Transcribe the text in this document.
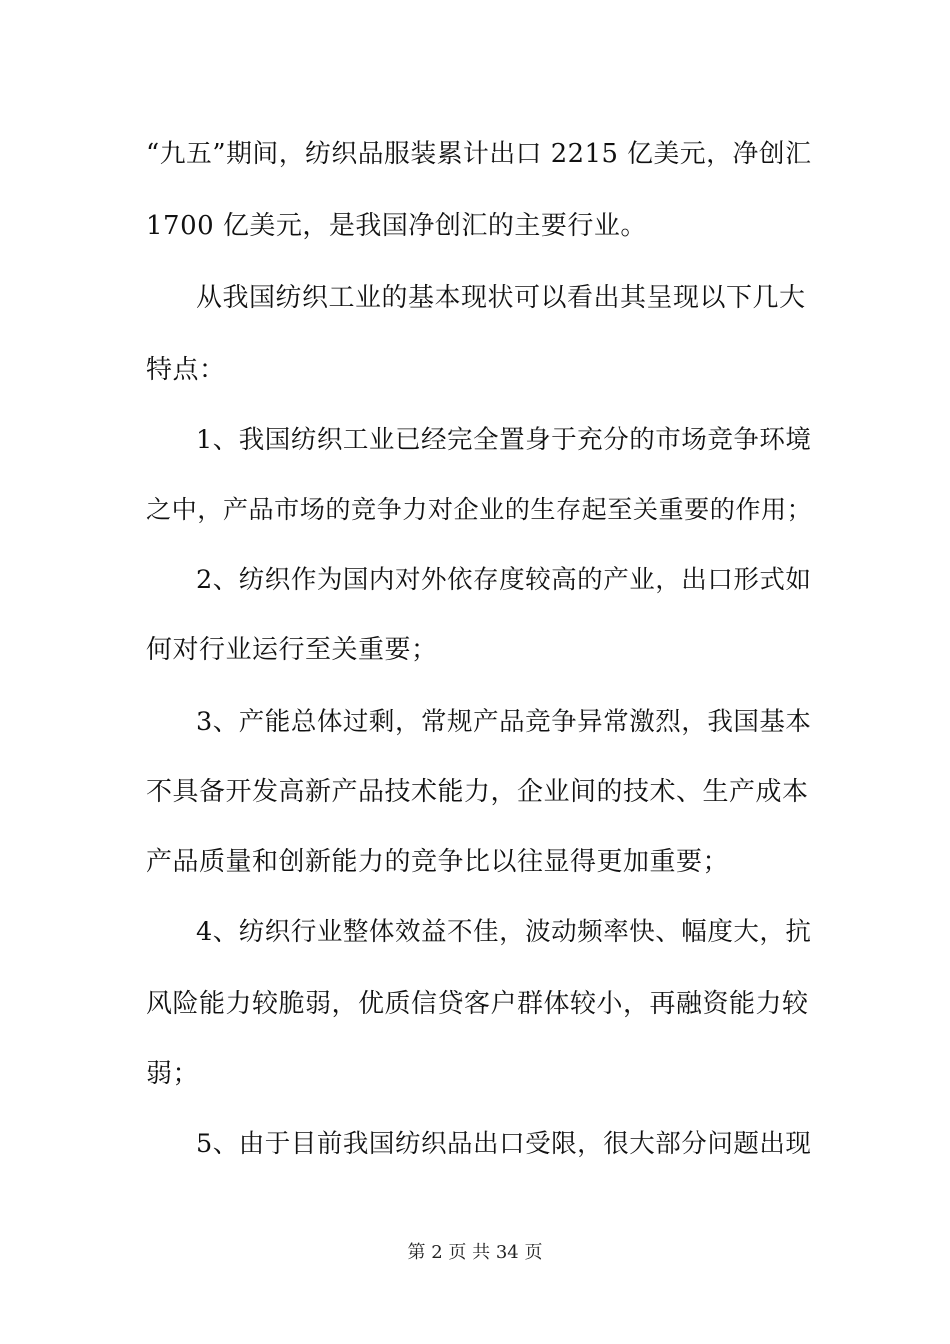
“九五”期间，纺织品服装累计出口 2215 亿美元，净创汇
1700 亿美元，是我国净创汇的主要行业。
从我国纺织工业的基本现状可以看出其呈现以下几大
特点：
1、我国纺织工业已经完全置身于充分的市场竞争环境
之中，产品市场的竞争力对企业的生存起至关重要的作用；
2、纺织作为国内对外依存度较高的产业，出口形式如
何对行业运行至关重要；
3、产能总体过剩，常规产品竞争异常激烈，我国基本
不具备开发高新产品技术能力，企业间的技术、生产成本
产品质量和创新能力的竞争比以往显得更加重要；
4、纺织行业整体效益不佳，波动频率快、幅度大，抗
风险能力较脆弱，优质信贷客户群体较小，再融资能力较
弱；
5、由于目前我国纺织品出口受限，很大部分问题出现
第 2 页 共 34 页
